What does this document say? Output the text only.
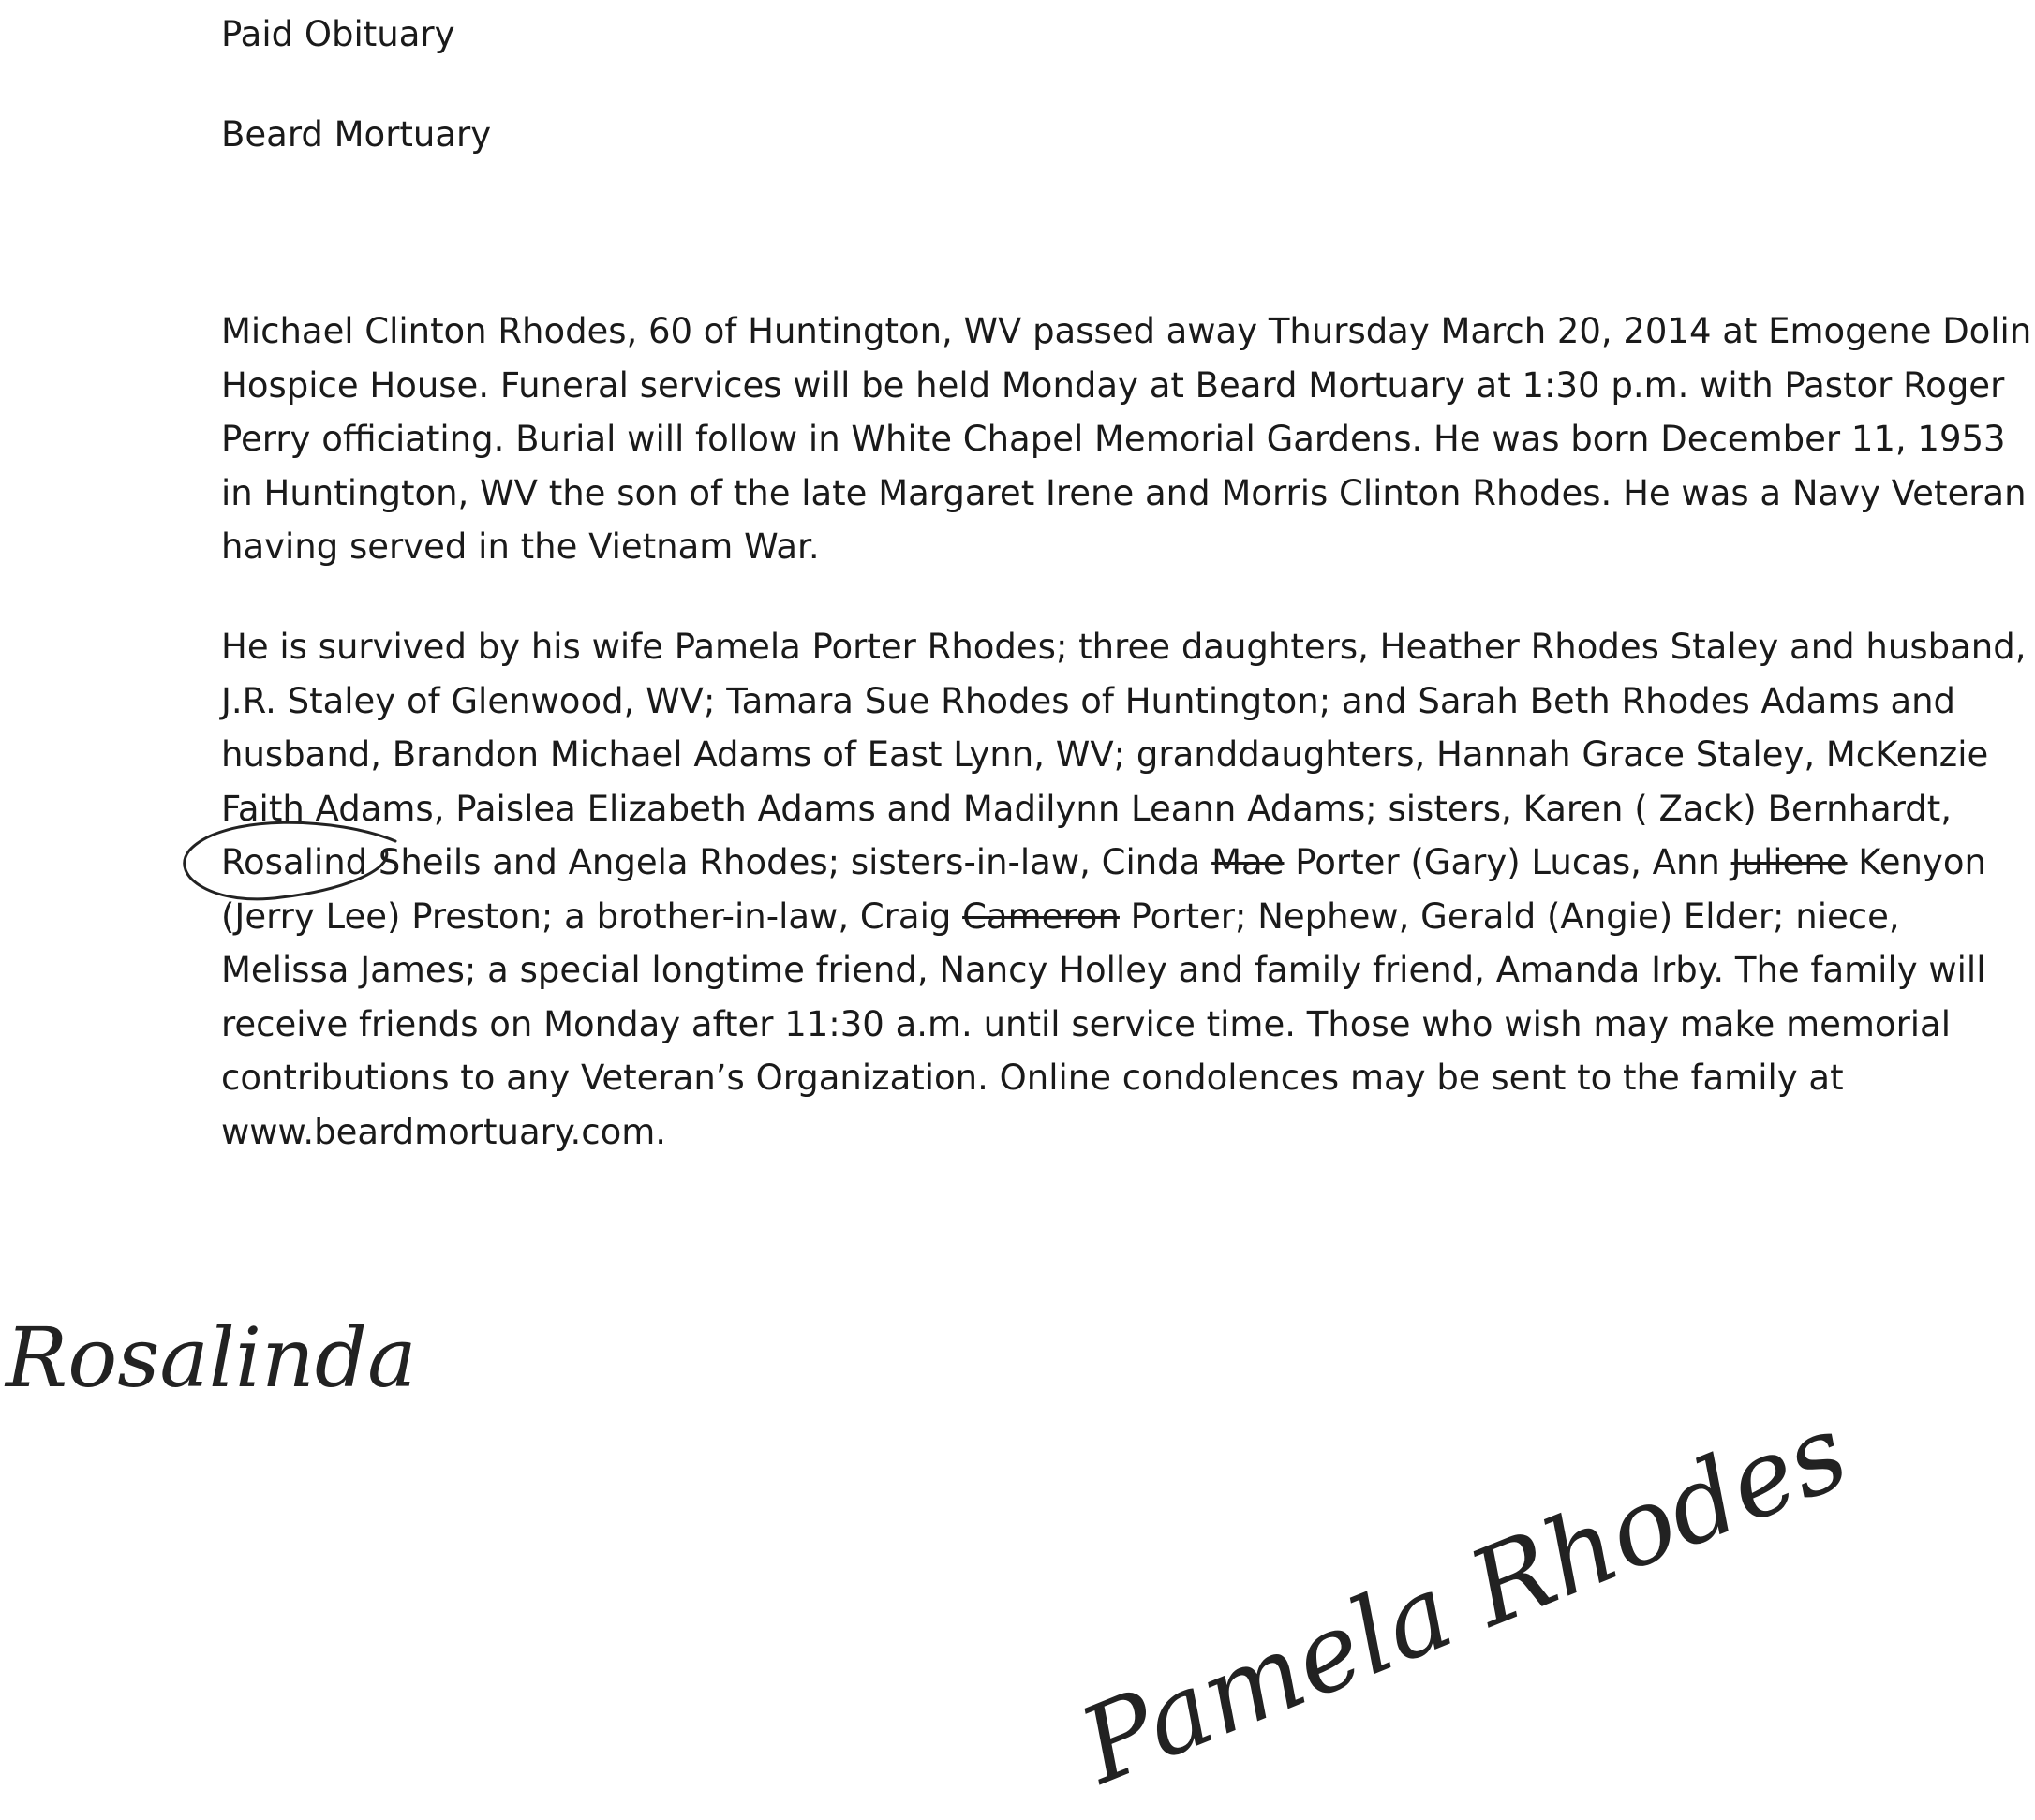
Paid Obituary
Beard Mortuary
Michael Clinton Rhodes, 60 of Huntington, WV passed away Thursday March 20, 2014 at Emogene Dolin
Hospice House. Funeral services will be held Monday at Beard Mortuary at 1:30 p.m. with Pastor Roger
Perry officiating. Burial will follow in White Chapel Memorial Gardens. He was born December 11, 1953
in Huntington, WV the son of the late Margaret Irene and Morris Clinton Rhodes. He was a Navy Veteran
having served in the Vietnam War.
He is survived by his wife Pamela Porter Rhodes; three daughters, Heather Rhodes Staley and husband,
J.R. Staley of Glenwood, WV; Tamara Sue Rhodes of Huntington; and Sarah Beth Rhodes Adams and
husband, Brandon Michael Adams of East Lynn, WV; granddaughters, Hannah Grace Staley, McKenzie
Faith Adams, Paislea Elizabeth Adams and Madilynn Leann Adams; sisters, Karen ( Zack) Bernhardt,
Rosalind Sheils and Angela Rhodes; sisters-in-law, Cinda Mae Porter (Gary) Lucas, Ann Juliene Kenyon
(Jerry Lee) Preston; a brother-in-law, Craig Cameron Porter; Nephew, Gerald (Angie) Elder; niece,
Melissa James; a special longtime friend, Nancy Holley and family friend, Amanda Irby. The family will
receive friends on Monday after 11:30 a.m. until service time. Those who wish may make memorial
contributions to any Veteran’s Organization. Online condolences may be sent to the family at
www.beardmortuary.com.
Rosalinda
Pamela Rhodes
